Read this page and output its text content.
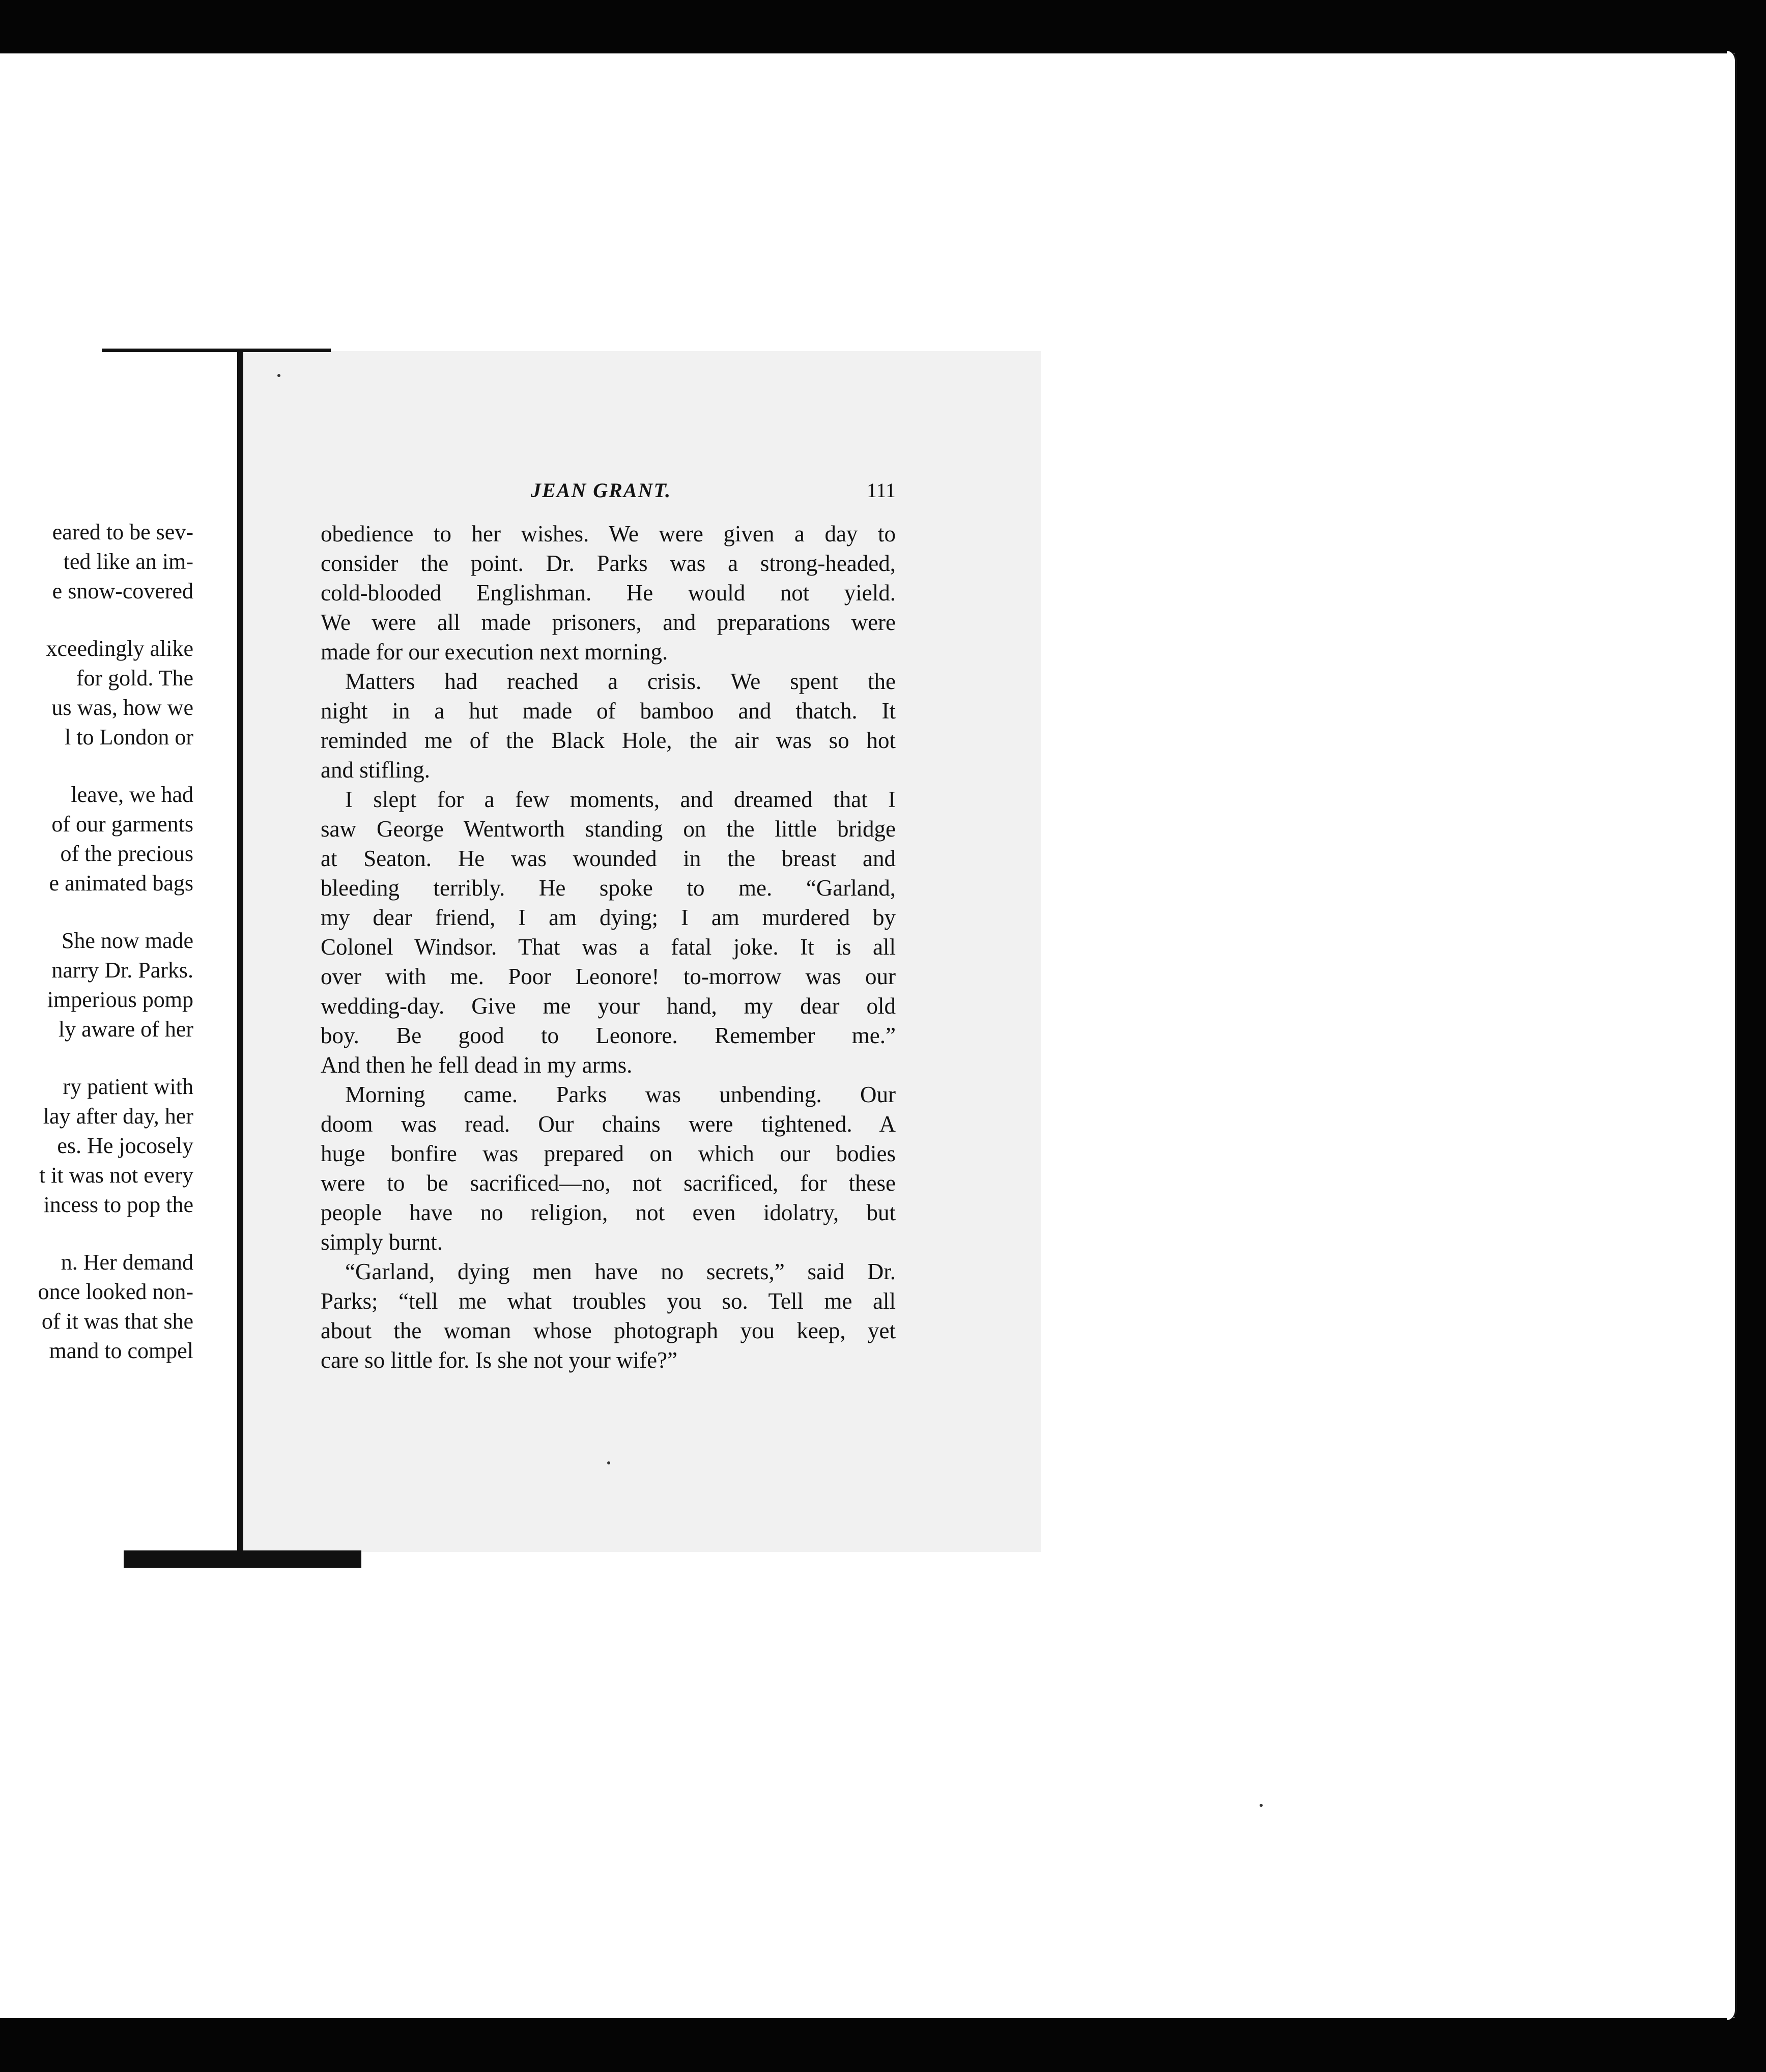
eared to be sev-
ted like an im-
e snow-covered
xceedingly alike
for gold. The
us was, how we
l to London or
leave, we had
of our garments
of the precious
e animated bags
She now made
narry Dr. Parks.
imperious pomp
ly aware of her
ry patient with
lay after day, her
es. He jocosely
t it was not every
incess to pop the
n. Her demand
once looked non-
of it was that she
mand to compel
JEAN GRANT.	111
obedience to her wishes. We were given a day to
consider the point. Dr. Parks was a strong-headed,
cold-blooded Englishman. He would not yield.
We were all made prisoners, and preparations were
made for our execution next morning.
Matters had reached a crisis. We spent the
night in a hut made of bamboo and thatch. It
reminded me of the Black Hole, the air was so hot
and stifling.
I slept for a few moments, and dreamed that I
saw George Wentworth standing on the little bridge
at Seaton. He was wounded in the breast and
bleeding terribly. He spoke to me. “Garland,
my dear friend, I am dying; I am murdered by
Colonel Windsor. That was a fatal joke. It is all
over with me. Poor Leonore! to-morrow was our
wedding-day. Give me your hand, my dear old
boy. Be good to Leonore. Remember me.”
And then he fell dead in my arms.
Morning came. Parks was unbending. Our
doom was read. Our chains were tightened. A
huge bonfire was prepared on which our bodies
were to be sacrificed—no, not sacrificed, for these
people have no religion, not even idolatry, but
simply burnt.
“Garland, dying men have no secrets,” said Dr.
Parks; “tell me what troubles you so. Tell me all
about the woman whose photograph you keep, yet
care so little for. Is she not your wife?”
